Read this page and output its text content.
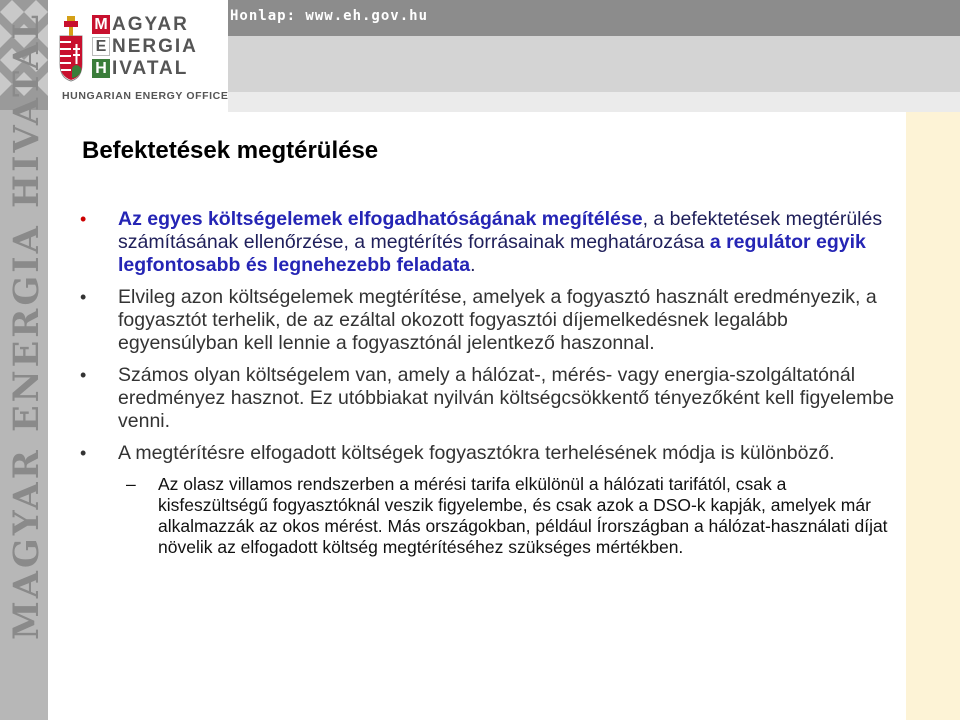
Honlap: www.eh.gov.hu
MAGYAR ENERGIA HIVATAL	M AGYAR
E NERGIA
H IVATAL
HUNGARIAN ENERGY OFFICE
Befektetések megtérülése
• Az egyes költségelemek elfogadhatóságának megítélése, a befektetések megtérülés számításának ellenőrzése, a megtérítés forrásainak meghatározása a regulátor egyik legfontosabb és legnehezebb feladata.
• Elvileg azon költségelemek megtérítése, amelyek a fogyasztó használt eredményezik, a fogyasztót terhelik, de az ezáltal okozott fogyasztói díjemelkedésnek legalább egyensúlyban kell lennie a fogyasztónál jelentkező haszonnal.
• Számos olyan költségelem van, amely a hálózat-, mérés- vagy energia-szolgáltatónál eredményez hasznot. Ez utóbbiakat nyilván költségcsökkentő tényezőként kell figyelembe venni.
• A megtérítésre elfogadott költségek fogyasztókra terhelésének módja is különböző.
– Az olasz villamos rendszerben a mérési tarifa elkülönül a hálózati tarifától, csak a kisfeszültségű fogyasztóknál veszik figyelembe, és csak azok a DSO-k kapják, amelyek már alkalmazzák az okos mérést. Más országokban, például Írországban a hálózat-használati díjat növelik az elfogadott költség megtérítéséhez szükséges mértékben.
